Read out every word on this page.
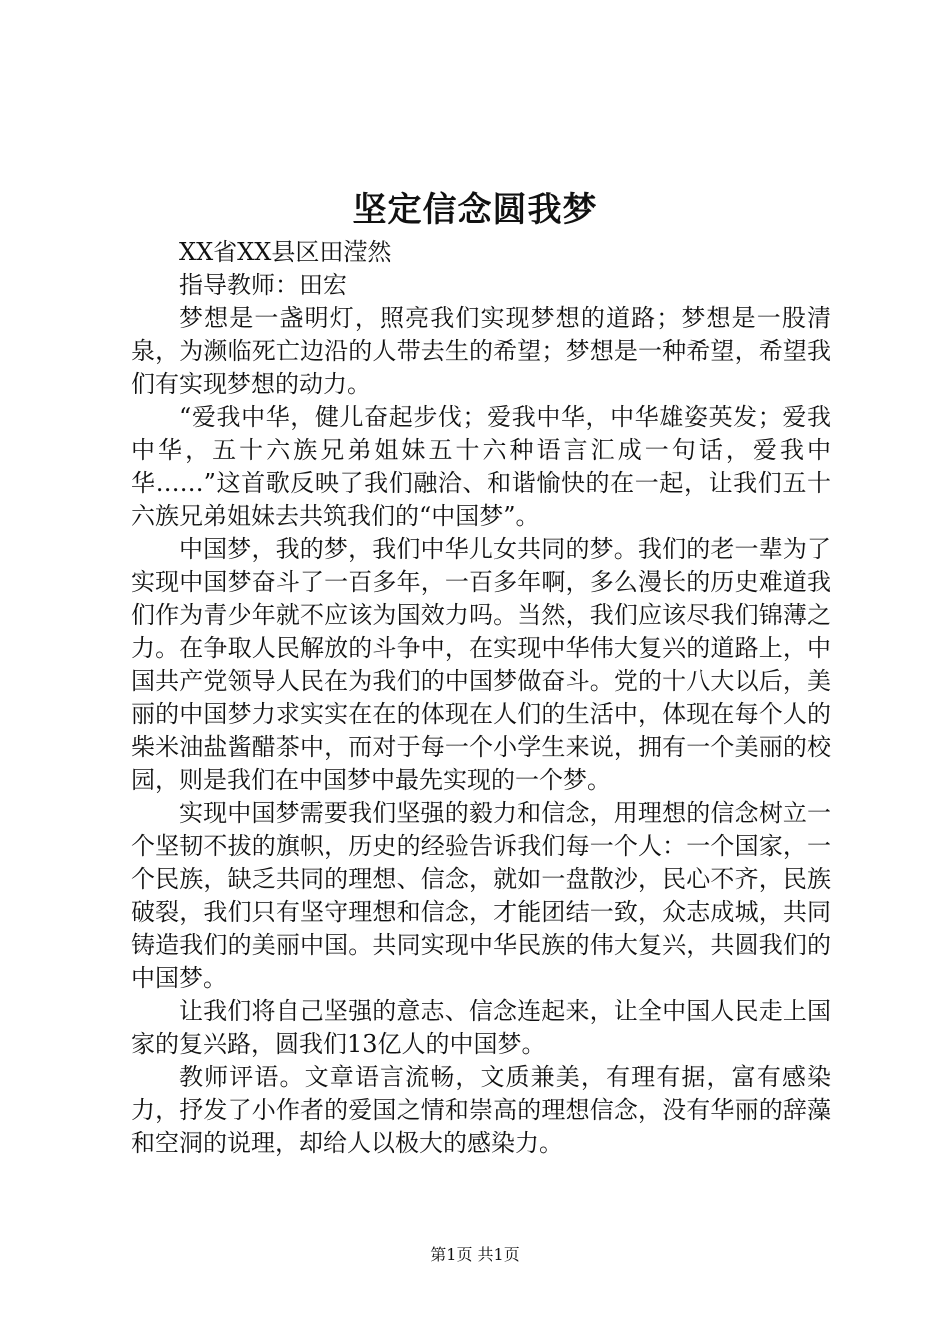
坚定信念圆我梦

XX省XX县区田滢然

指导教师：田宏

梦想是一盏明灯，照亮我们实现梦想的道路；梦想是一股清泉，为濒临死亡边沿的人带去生的希望；梦想是一种希望，希望我们有实现梦想的动力。

“爱我中华，健儿奋起步伐；爱我中华，中华雄姿英发；爱我中华，五十六族兄弟姐妹五十六种语言汇成一句话，爱我中华……”这首歌反映了我们融洽、和谐愉快的在一起，让我们五十六族兄弟姐妹去共筑我们的“中国梦”。

中国梦，我的梦，我们中华儿女共同的梦。我们的老一辈为了实现中国梦奋斗了一百多年，一百多年啊，多么漫长的历史难道我们作为青少年就不应该为国效力吗。当然，我们应该尽我们锦薄之力。在争取人民解放的斗争中，在实现中华伟大复兴的道路上，中国共产党领导人民在为我们的中国梦做奋斗。党的十八大以后，美丽的中国梦力求实实在在的体现在人们的生活中，体现在每个人的柴米油盐酱醋茶中，而对于每一个小学生来说，拥有一个美丽的校园，则是我们在中国梦中最先实现的一个梦。

实现中国梦需要我们坚强的毅力和信念，用理想的信念树立一个坚韧不拔的旗帜，历史的经验告诉我们每一个人：一个国家，一个民族，缺乏共同的理想、信念，就如一盘散沙，民心不齐，民族破裂，我们只有坚守理想和信念，才能团结一致，众志成城，共同铸造我们的美丽中国。共同实现中华民族的伟大复兴，共圆我们的中国梦。

让我们将自己坚强的意志、信念连起来，让全中国人民走上国家的复兴路，圆我们13亿人的中国梦。

教师评语。文章语言流畅，文质兼美，有理有据，富有感染力，抒发了小作者的爱国之情和崇高的理想信念，没有华丽的辞藻和空洞的说理，却给人以极大的感染力。

第1页 共1页
